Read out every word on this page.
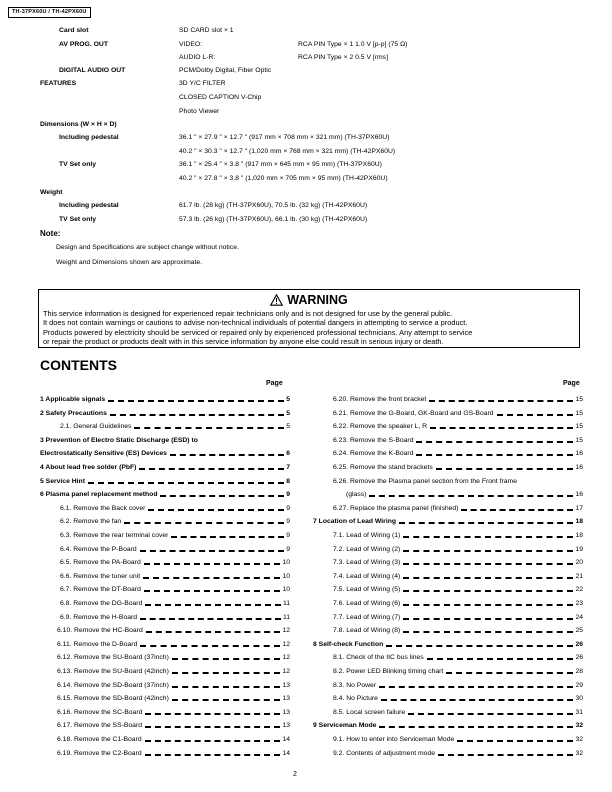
TH-37PX60U / TH-42PX60U
Card slot	SD CARD slot × 1
AV PROG. OUT	VIDEO:	RCA PIN Type × 1 1.0 V [p-p] (75 Ω)
AUDIO L-R:	RCA PIN Type × 2 0.5 V [rms]
DIGITAL AUDIO OUT	PCM/Dolby Digital, Fiber Optic
FEATURES	3D Y/C FILTER
CLOSED CAPTION V-Chip
Photo Viewer
Dimensions (W × H × D)
Including pedestal	36.1 " × 27.9 " × 12.7 " (917 mm × 708 mm × 321 mm) (TH-37PX60U)
40.2 " × 30.3 " × 12.7 " (1,020 mm × 768 mm × 321 mm) (TH-42PX60U)
TV Set only	36.1 " × 25.4 " × 3.8 " (917 mm × 645 mm × 95 mm) (TH-37PX60U)
40.2 " × 27.8 " × 3.8 " (1,020 mm × 705 mm × 95 mm) (TH-42PX60U)
Weight
Including pedestal	61.7 lb. (28 kg) (TH-37PX60U), 70.5 lb. (32 kg) (TH-42PX60U)
TV Set only	57.3 lb. (26 kg) (TH-37PX60U), 66.1 lb. (30 kg) (TH-42PX60U)
Note:
Design and Specifications are subject change without notice.
Weight and Dimensions shown are approximate.
WARNING
This service information is designed for experienced repair technicians only and is not designed for use by the general public.
It does not contain warnings or cautions to advise non-technical individuals of potential dangers in attempting to service a product.
Products powered by electricity should be serviced or repaired only by experienced professional technicians. Any attempt to service
or repair the product or products dealt with in this service information by anyone else could result in serious injury or death.
CONTENTS
Page	Page
1 Applicable signals	5
2 Safety Precautions	5
2.1. General Guidelines	5
3 Prevention of Electro Static Discharge (ESD) to
Electrostatically Sensitive (ES) Devices	6
4 About lead free solder (PbF)	7
5 Service Hint	8
6 Plasma panel replacement method	9
6.1. Remove the Back cover	9
6.2. Remove the fan	9
6.3. Remove the rear terminal cover	9
6.4. Remove the P-Board	9
6.5. Remove the PA-Board	10
6.6. Remove the tuner unit	10
6.7. Remove the DT-Board	10
6.8. Remove the DG-Board	11
6.9. Remove the H-Board	11
6.10. Remove the HC-Board	12
6.11. Remove the D-Board	12
6.12. Remove the SU-Board (37inch)	12
6.13. Remove the SU-Board (42inch)	12
6.14. Remove the SD-Board (37inch)	13
6.15. Remove the SD-Board (42inch)	13
6.16. Remove the SC-Board	13
6.17. Remove the SS-Board	13
6.18. Remove the C1-Board	14
6.19. Remove the C2-Board	14
6.20. Remove the front bracket	15
6.21. Remove the G-Board, GK-Board and GS-Board	15
6.22. Remove the speaker L, R	15
6.23. Remove the S-Board	15
6.24. Remove the K-Board	16
6.25. Remove the stand brackets	16
6.26. Remove the Plasma panel section from the Front frame
(glass)	16
6.27. Replace the plasma panel (finished)	17
7 Location of Lead Wiring	18
7.1. Lead of Wiring (1)	18
7.2. Lead of Wiring (2)	19
7.3. Lead of Wiring (3)	20
7.4. Lead of Wiring (4)	21
7.5. Lead of Wiring (5)	22
7.6. Lead of Wiring (6)	23
7.7. Lead of Wiring (7)	24
7.8. Lead of Wiring (8)	25
8 Self-check Function	26
8.1. Check of the IIC bus lines	26
8.2. Power LED Blinking timing chart	28
8.3. No Power	29
8.4. No Picture	30
8.5. Local screen failure	31
9 Serviceman Mode	32
9.1. How to enter into Serviceman Mode	32
9.2. Contents of adjustment mode	32
2
